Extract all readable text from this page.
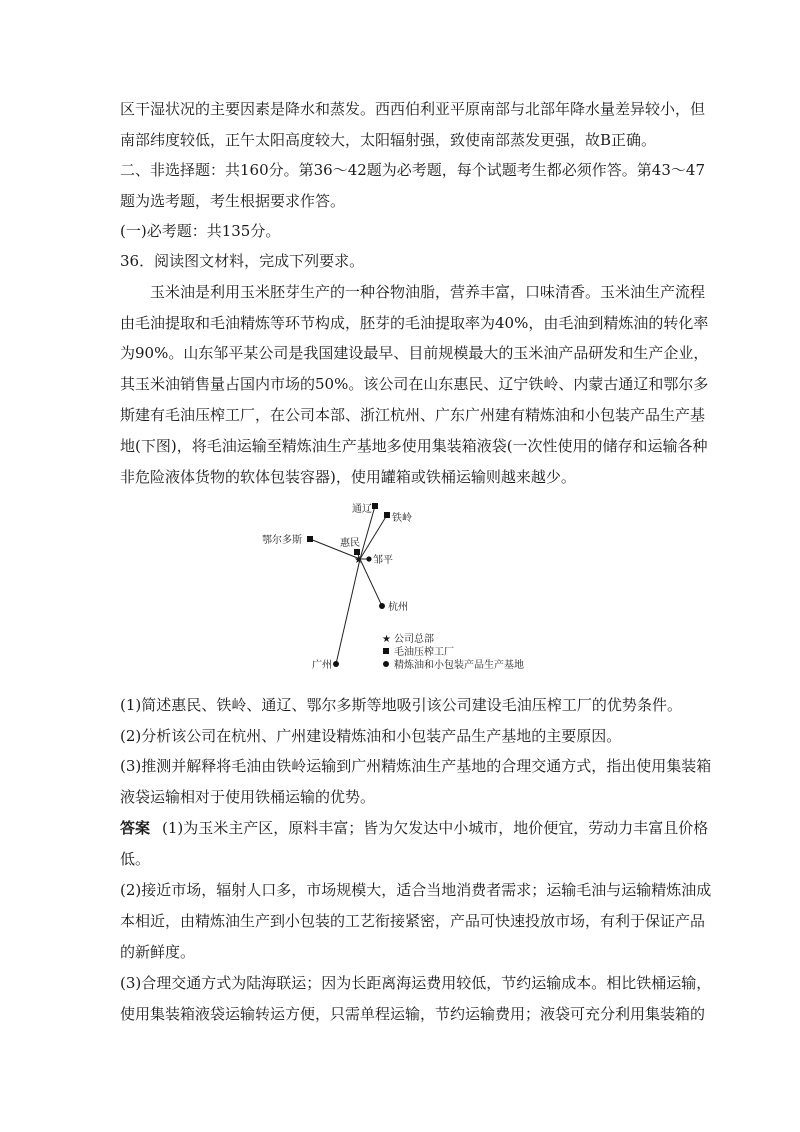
区干湿状况的主要因素是降水和蒸发。西西伯利亚平原南部与北部年降水量差异较小，但
南部纬度较低，正午太阳高度较大，太阳辐射强，致使南部蒸发更强，故B正确。
二、非选择题：共160分。第36～42题为必考题，每个试题考生都必须作答。第43～47
题为选考题，考生根据要求作答。
(一)必考题：共135分。
36．阅读图文材料，完成下列要求。
玉米油是利用玉米胚芽生产的一种谷物油脂，营养丰富，口味清香。玉米油生产流程
由毛油提取和毛油精炼等环节构成，胚芽的毛油提取率为40%，由毛油到精炼油的转化率
为90%。山东邹平某公司是我国建设最早、目前规模最大的玉米油产品研发和生产企业，
其玉米油销售量占国内市场的50%。该公司在山东惠民、辽宁铁岭、内蒙古通辽和鄂尔多
斯建有毛油压榨工厂，在公司本部、浙江杭州、广东广州建有精炼油和小包装产品生产基
地(下图)，将毛油运输至精炼油生产基地多使用集装箱液袋(一次性使用的储存和运输各种
非危险液体货物的软体包装容器)，使用罐箱或铁桶运输则越来越少。
通辽
铁岭
鄂尔多斯	惠民
★ 邹平
杭州
广州
★ 公司总部
毛油压榨工厂
精炼油和小包装产品生产基地
(1)简述惠民、铁岭、通辽、鄂尔多斯等地吸引该公司建设毛油压榨工厂的优势条件。
(2)分析该公司在杭州、广州建设精炼油和小包装产品生产基地的主要原因。
(3)推测并解释将毛油由铁岭运输到广州精炼油生产基地的合理交通方式，指出使用集装箱
液袋运输相对于使用铁桶运输的优势。
答案 (1)为玉米主产区，原料丰富；皆为欠发达中小城市，地价便宜，劳动力丰富且价格
低。
(2)接近市场，辐射人口多，市场规模大，适合当地消费者需求；运输毛油与运输精炼油成
本相近，由精炼油生产到小包装的工艺衔接紧密，产品可快速投放市场，有利于保证产品
的新鲜度。
(3)合理交通方式为陆海联运；因为长距离海运费用较低，节约运输成本。相比铁桶运输，
使用集装箱液袋运输转运方便，只需单程运输，节约运输费用；液袋可充分利用集装箱的
